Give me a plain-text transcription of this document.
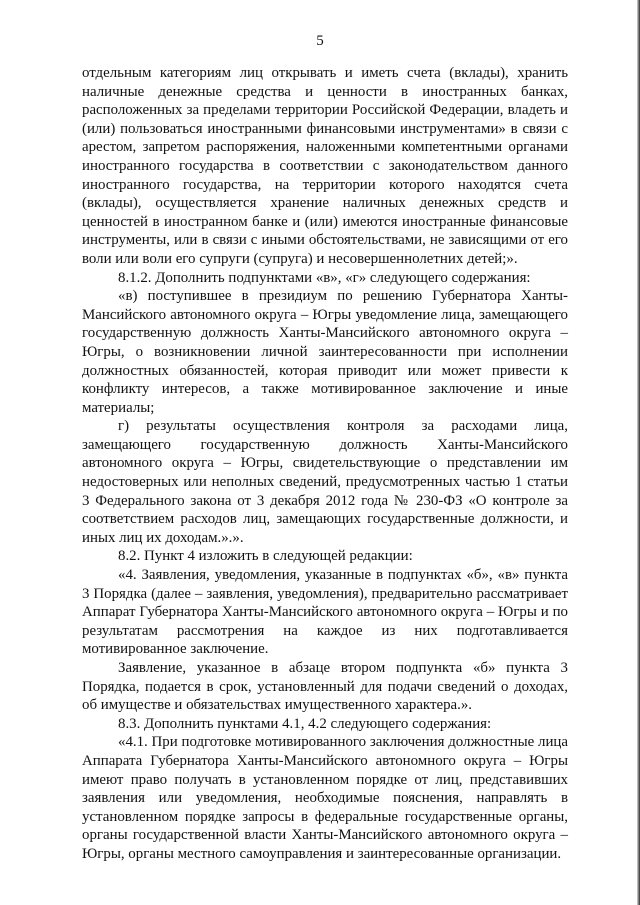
5

отдельным категориям лиц открывать и иметь счета (вклады), хранить наличные денежные средства и ценности в иностранных банках, расположенных за пределами территории Российской Федерации, владеть и (или) пользоваться иностранными финансовыми инструментами» в связи с арестом, запретом распоряжения, наложенными компетентными органами иностранного государства в соответствии с законодательством данного иностранного государства, на территории которого находятся счета (вклады), осуществляется хранение наличных денежных средств и ценностей в иностранном банке и (или) имеются иностранные финансовые инструменты, или в связи с иными обстоятельствами, не зависящими от его воли или воли его супруги (супруга) и несовершеннолетних детей;».

8.1.2. Дополнить подпунктами «в», «г» следующего содержания:

«в) поступившее в президиум по решению Губернатора Ханты-Мансийского автономного округа – Югры уведомление лица, замещающего государственную должность Ханты-Мансийского автономного округа – Югры, о возникновении личной заинтересованности при исполнении должностных обязанностей, которая приводит или может привести к конфликту интересов, а также мотивированное заключение и иные материалы;

г) результаты осуществления контроля за расходами лица, замещающего государственную должность Ханты-Мансийского автономного округа – Югры, свидетельствующие о представлении им недостоверных или неполных сведений, предусмотренных частью 1 статьи 3 Федерального закона от 3 декабря 2012 года № 230-ФЗ «О контроле за соответствием расходов лиц, замещающих государственные должности, и иных лиц их доходам.».».

8.2. Пункт 4 изложить в следующей редакции:

«4. Заявления, уведомления, указанные в подпунктах «б», «в» пункта 3 Порядка (далее – заявления, уведомления), предварительно рассматривает Аппарат Губернатора Ханты-Мансийского автономного округа – Югры и по результатам рассмотрения на каждое из них подготавливается мотивированное заключение.

Заявление, указанное в абзаце втором подпункта «б» пункта 3 Порядка, подается в срок, установленный для подачи сведений о доходах, об имуществе и обязательствах имущественного характера.».

8.3. Дополнить пунктами 4.1, 4.2 следующего содержания:

«4.1. При подготовке мотивированного заключения должностные лица Аппарата Губернатора Ханты-Мансийского автономного округа – Югры имеют право получать в установленном порядке от лиц, представивших заявления или уведомления, необходимые пояснения, направлять в установленном порядке запросы в федеральные государственные органы, органы государственной власти Ханты-Мансийского автономного округа – Югры, органы местного самоуправления и заинтересованные организации.
